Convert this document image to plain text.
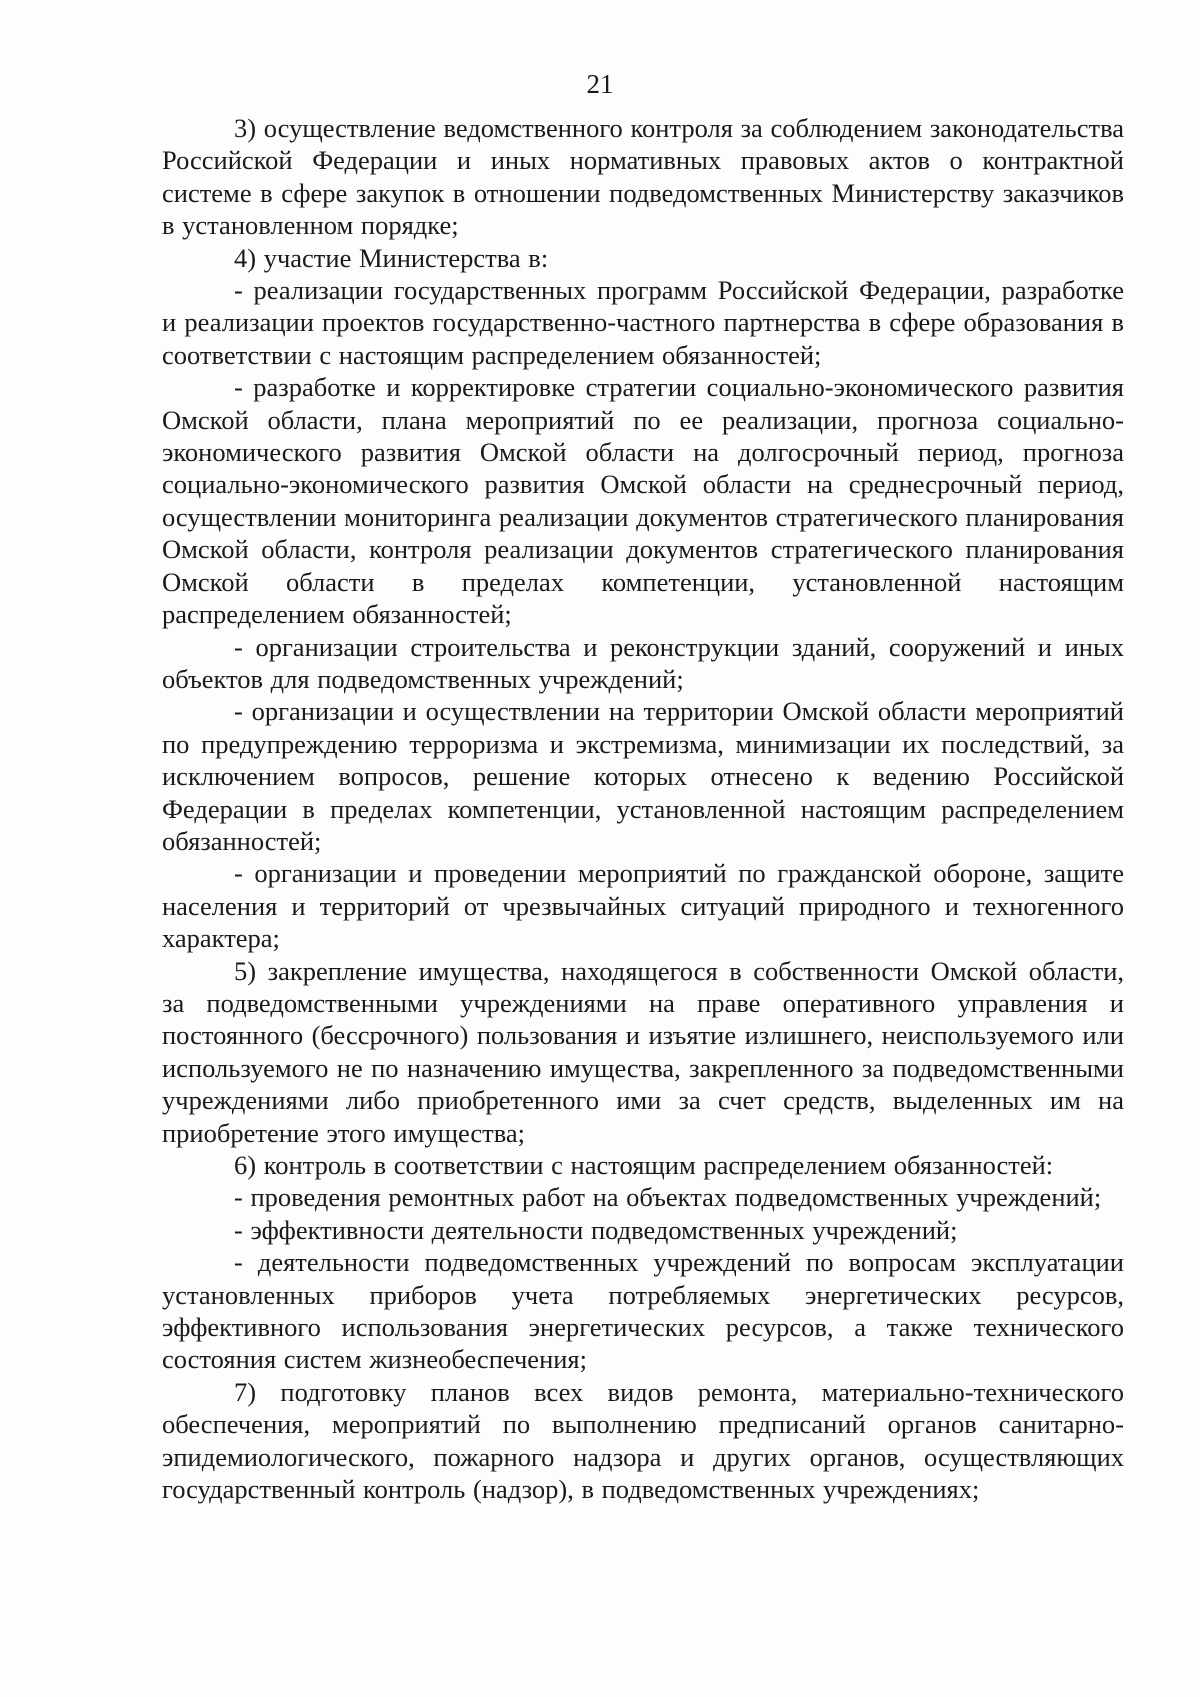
21

3) осуществление ведомственного контроля за соблюдением законодательства Российской Федерации и иных нормативных правовых актов о контрактной системе в сфере закупок в отношении подведомственных Министерству заказчиков в установленном порядке;

4) участие Министерства в:

- реализации государственных программ Российской Федерации, разработке и реализации проектов государственно-частного партнерства в сфере образования в соответствии с настоящим распределением обязанностей;

- разработке и корректировке стратегии социально-экономического развития Омской области, плана мероприятий по ее реализации, прогноза социально-экономического развития Омской области на долгосрочный период, прогноза социально-экономического развития Омской области на среднесрочный период, осуществлении мониторинга реализации документов стратегического планирования Омской области, контроля реализации документов стратегического планирования Омской области в пределах компетенции, установленной настоящим распределением обязанностей;

- организации строительства и реконструкции зданий, сооружений и иных объектов для подведомственных учреждений;

- организации и осуществлении на территории Омской области мероприятий по предупреждению терроризма и экстремизма, минимизации их последствий, за исключением вопросов, решение которых отнесено к ведению Российской Федерации в пределах компетенции, установленной настоящим распределением обязанностей;

- организации и проведении мероприятий по гражданской обороне, защите населения и территорий от чрезвычайных ситуаций природного и техногенного характера;

5) закрепление имущества, находящегося в собственности Омской области, за подведомственными учреждениями на праве оперативного управления и постоянного (бессрочного) пользования и изъятие излишнего, неиспользуемого или используемого не по назначению имущества, закрепленного за подведомственными учреждениями либо приобретенного ими за счет средств, выделенных им на приобретение этого имущества;

6) контроль в соответствии с настоящим распределением обязанностей:

- проведения ремонтных работ на объектах подведомственных учреждений;

- эффективности деятельности подведомственных учреждений;

- деятельности подведомственных учреждений по вопросам эксплуатации установленных приборов учета потребляемых энергетических ресурсов, эффективного использования энергетических ресурсов, а также технического состояния систем жизнеобеспечения;

7) подготовку планов всех видов ремонта, материально-технического обеспечения, мероприятий по выполнению предписаний органов санитарно-эпидемиологического, пожарного надзора и других органов, осуществляющих государственный контроль (надзор), в подведомственных учреждениях;
